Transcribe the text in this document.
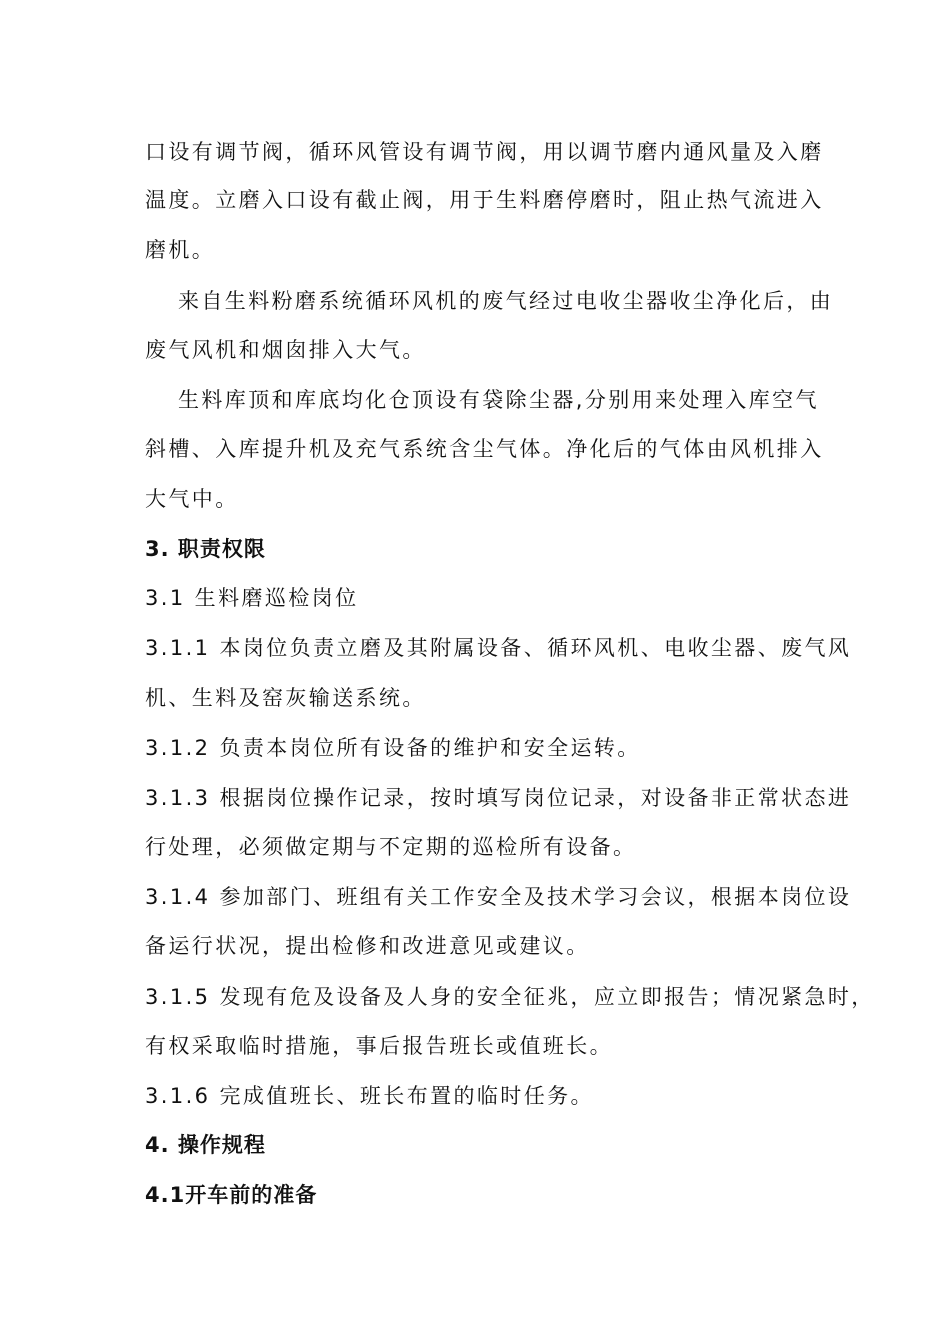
口设有调节阀，循环风管设有调节阀，用以调节磨内通风量及入磨

温度。立磨入口设有截止阀，用于生料磨停磨时，阻止热气流进入

磨机。

来自生料粉磨系统循环风机的废气经过电收尘器收尘净化后，由

废气风机和烟囱排入大气。

生料库顶和库底均化仓顶设有袋除尘器,分别用来处理入库空气

斜槽、入库提升机及充气系统含尘气体。净化后的气体由风机排入

大气中。

3. 职责权限

3.1 生料磨巡检岗位

3.1.1 本岗位负责立磨及其附属设备、循环风机、电收尘器、废气风

机、生料及窑灰输送系统。

3.1.2 负责本岗位所有设备的维护和安全运转。

3.1.3 根据岗位操作记录，按时填写岗位记录，对设备非正常状态进

行处理，必须做定期与不定期的巡检所有设备。

3.1.4 参加部门、班组有关工作安全及技术学习会议，根据本岗位设

备运行状况，提出检修和改进意见或建议。

3.1.5 发现有危及设备及人身的安全征兆，应立即报告；情况紧急时，

有权采取临时措施，事后报告班长或值班长。

3.1.6 完成值班长、班长布置的临时任务。

4. 操作规程

4.1开车前的准备
